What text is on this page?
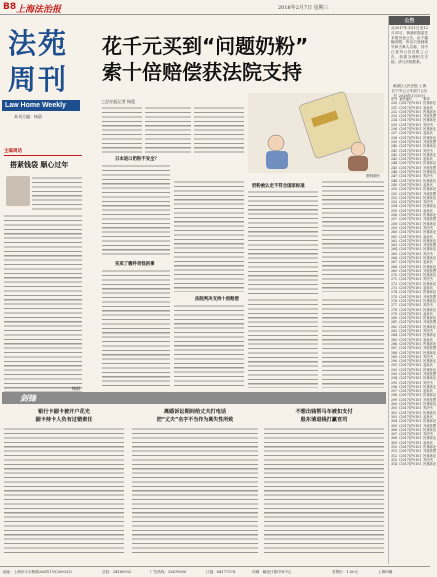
B8 上海法治报	2018年2月7日 星期三
法苑
周刊
Law Home Weekly
本刊主编：杨晨
花千元买到“问题奶粉”
索十倍赔偿获法院支持
主编周话
搭紧钱袋 顺心过年
杨晨
□法治报记者 杨震
资料图片
日本进口奶粉不安全？
买卖了哪件奇怪的事
奶粉被认定不符合国家标准
法院判决支持十倍赔偿
剑锋
银行卡副卡被开户花光
副卡持卡人负有过错责任
离婚诉讼期间给丈夫打电话
把“丈夫”名字不当作为离失性所致
不想出钱帮马车被扣支付
股东请退钱打赢官司
公告
从2017年3月1日至12月31日，黄浦法院委托本报刊登公告，由于篇幅有限，所以只登载案号和当事人名称，其中已登刊公告在报上公告，如需办理相关手续，请与法院联系。
黄浦区人民法院 上海长宁中心公安部门公告栏 2018年1月30日
序号	案件编号	事项
230	(2017)沪0101	民事诉讼
231	(2017)沪0101	起诉状
232	(2017)沪0101	民事诉讼
233	(2017)沪0101	开庭传票
234	(2017)沪0101	民事诉讼
235	(2017)沪0101	判决书
236	(2017)沪0101	民事诉讼
237	(2017)沪0101	起诉状
238	(2017)沪0101	民事诉讼
239	(2017)沪0101	开庭传票
240	(2017)沪0101	民事诉讼
241	(2017)沪0101	判决书
242	(2017)沪0101	民事诉讼
243	(2017)沪0101	起诉状
244	(2017)沪0101	民事诉讼
245	(2017)沪0101	开庭传票
246	(2017)沪0101	民事诉讼
247	(2017)沪0101	判决书
248	(2017)沪0101	民事诉讼
249	(2017)沪0101	起诉状
250	(2017)沪0101	民事诉讼
251	(2017)沪0101	开庭传票
252	(2017)沪0101	民事诉讼
253	(2017)沪0101	判决书
254	(2017)沪0101	民事诉讼
255	(2017)沪0101	起诉状
256	(2017)沪0101	民事诉讼
257	(2017)沪0101	开庭传票
258	(2017)沪0101	民事诉讼
259	(2017)沪0101	判决书
260	(2017)沪0101	民事诉讼
261	(2017)沪0101	起诉状
262	(2017)沪0101	民事诉讼
263	(2017)沪0101	开庭传票
264	(2017)沪0101	民事诉讼
265	(2017)沪0101	判决书
266	(2017)沪0101	民事诉讼
267	(2017)沪0101	起诉状
268	(2017)沪0101	民事诉讼
269	(2017)沪0101	开庭传票
270	(2017)沪0101	民事诉讼
271	(2017)沪0101	判决书
272	(2017)沪0101	民事诉讼
273	(2017)沪0101	起诉状
274	(2017)沪0101	民事诉讼
275	(2017)沪0101	开庭传票
276	(2017)沪0101	民事诉讼
277	(2017)沪0101	判决书
278	(2017)沪0101	民事诉讼
279	(2017)沪0101	起诉状
280	(2017)沪0101	民事诉讼
281	(2017)沪0101	开庭传票
282	(2017)沪0101	民事诉讼
283	(2017)沪0101	判决书
284	(2017)沪0101	民事诉讼
285	(2017)沪0101	起诉状
286	(2017)沪0101	民事诉讼
287	(2017)沪0101	开庭传票
288	(2017)沪0101	民事诉讼
289	(2017)沪0101	判决书
290	(2017)沪0101	民事诉讼
291	(2017)沪0101	起诉状
292	(2017)沪0101	民事诉讼
293	(2017)沪0101	开庭传票
294	(2017)沪0101	民事诉讼
295	(2017)沪0101	判决书
296	(2017)沪0101	民事诉讼
297	(2017)沪0101	起诉状
298	(2017)沪0101	民事诉讼
299	(2017)沪0101	开庭传票
300	(2017)沪0101	民事诉讼
301	(2017)沪0101	判决书
302	(2017)沪0101	民事诉讼
303	(2017)沪0101	起诉状
304	(2017)沪0101	民事诉讼
305	(2017)沪0101	开庭传票
306	(2017)沪0101	民事诉讼
307	(2017)沪0101	判决书
308	(2017)沪0101	民事诉讼
309	(2017)沪0101	起诉状
310	(2017)沪0101	民事诉讼
311	(2017)沪0101	开庭传票
312	(2017)沪0101	民事诉讼
313	(2017)沪0101	判决书
314	(2017)沪0101	民事诉讼
地址：上海市小木桥路268弄1号(200032)	总机：34160932	广告热线：33670000	订阅：64177374	印刷：解放日报印务中心	零售价：1.50元	上海印刷
